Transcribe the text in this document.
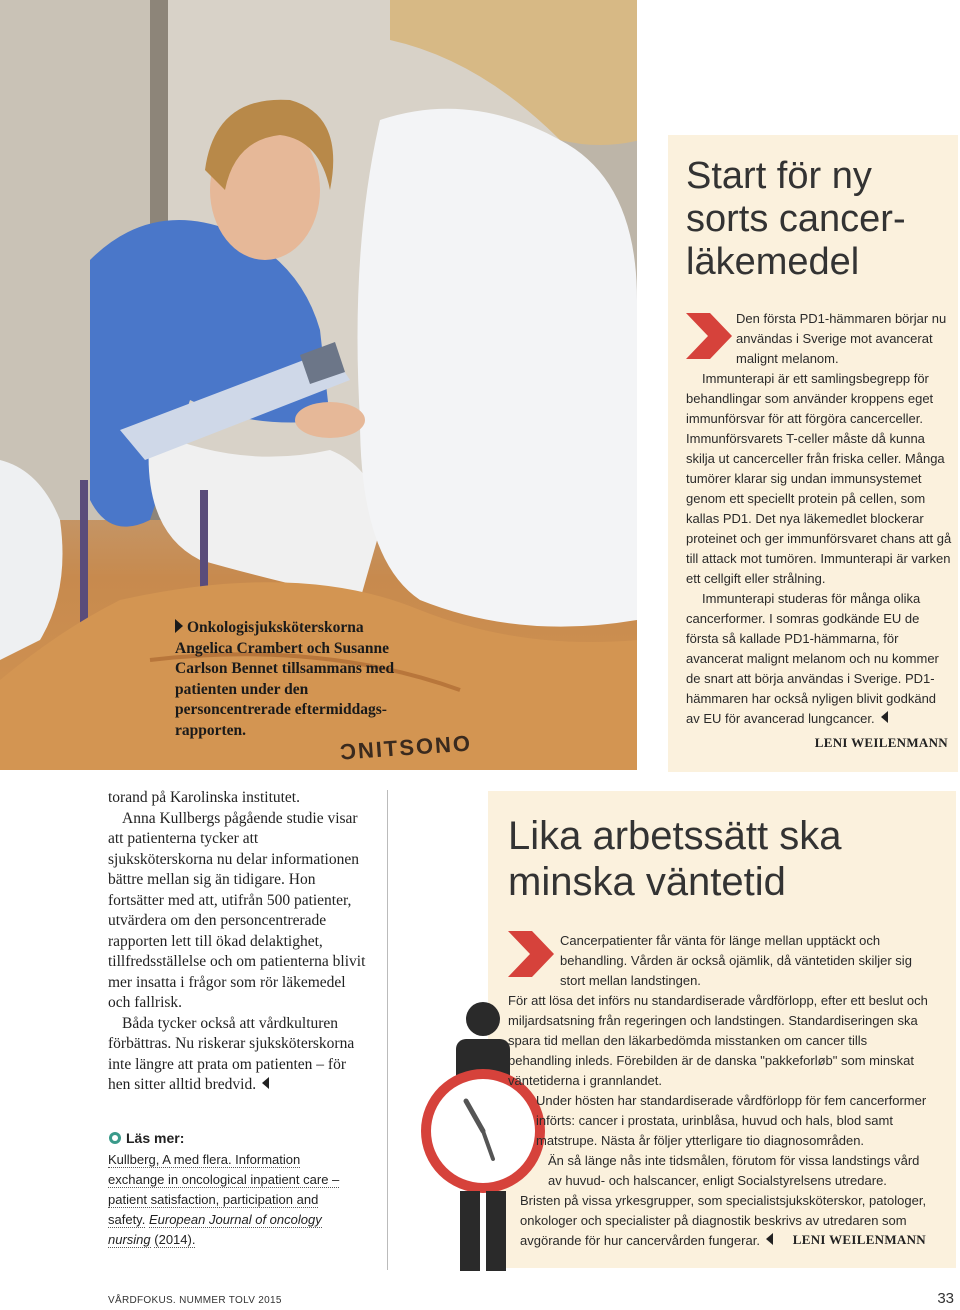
ƆNITSONO
Onkologisjuksköterskorna Angelica Crambert och Susanne Carlson Bennet tillsammans med patienten under den personcentrerade eftermiddags-rapporten.
Start för ny sorts cancer-läkemedel
Den första PD1-hämmaren börjar nu användas i Sverige mot avancerat malignt melanom.
Immunterapi är ett samlingsbegrepp för behandlingar som använder kroppens eget immunförsvar för att förgöra cancerceller. Immunförsvarets T-celler måste då kunna skilja ut cancerceller från friska celler. Många tumörer klarar sig undan immunsystemet genom ett speciellt protein på cellen, som kallas PD1. Det nya läkemedlet blockerar proteinet och ger immunförsvaret chans att gå till attack mot tumören. Immunterapi är varken ett cellgift eller strålning.
Immunterapi studeras för många olika cancerformer. I somras godkände EU de första så kallade PD1-hämmarna, för avancerat malignt melanom och nu kommer de snart att börja användas i Sverige. PD1-hämmaren har också nyligen blivit godkänd av EU för avancerad lungcancer.
LENI WEILENMANN

torand på Karolinska institutet.

Anna Kullbergs pågående studie visar att patienterna tycker att sjuksköterskorna nu delar informationen bättre mellan sig än tidigare. Hon fortsätter med att, utifrån 500 patienter, utvärdera om den personcentrerade rapporten lett till ökad delaktighet, tillfredsställelse och om patienterna blivit mer insatta i frågor som rör läkemedel och fallrisk.

Båda tycker också att vårdkulturen förbättras. Nu riskerar sjuksköterskorna inte längre att prata om patienten – för hen sitter alltid bredvid.

Läs mer:
Kullberg, A med flera. Information exchange in oncological inpatient care – patient satisfaction, participation and safety. European Journal of oncology nursing (2014).
Lika arbetssätt ska minska väntetid
Cancerpatienter får vänta för länge mellan upptäckt och behandling. Vården är också ojämlik, då väntetiden skiljer sig stort mellan landstingen.
För att lösa det införs nu standardiserade vårdförlopp, efter ett beslut och miljardsatsning från regeringen och landstingen. Standardiseringen ska spara tid mellan den läkarbedömda misstanken om cancer tills behandling inleds. Förebilden är de danska "pakkeforløb" som minskat väntetiderna i grannlandet.
Under hösten har standardiserade vårdförlopp för fem cancerformer införts: cancer i prostata, urinblåsa, huvud och hals, blod samt matstrupe. Nästa år följer ytterligare tio diagnosområden.
Än så länge nås inte tidsmålen, förutom för vissa landstings vård av huvud- och halscancer, enligt Socialstyrelsens utredare.
Bristen på vissa yrkesgrupper, som specialistsjuksköterskor, patologer, onkologer och specialister på diagnostik beskrivs av utredaren som avgörande för hur cancervården fungerar.	LENI WEILENMANN
VÅRDFOKUS. NUMMER TOLV 2015	33
